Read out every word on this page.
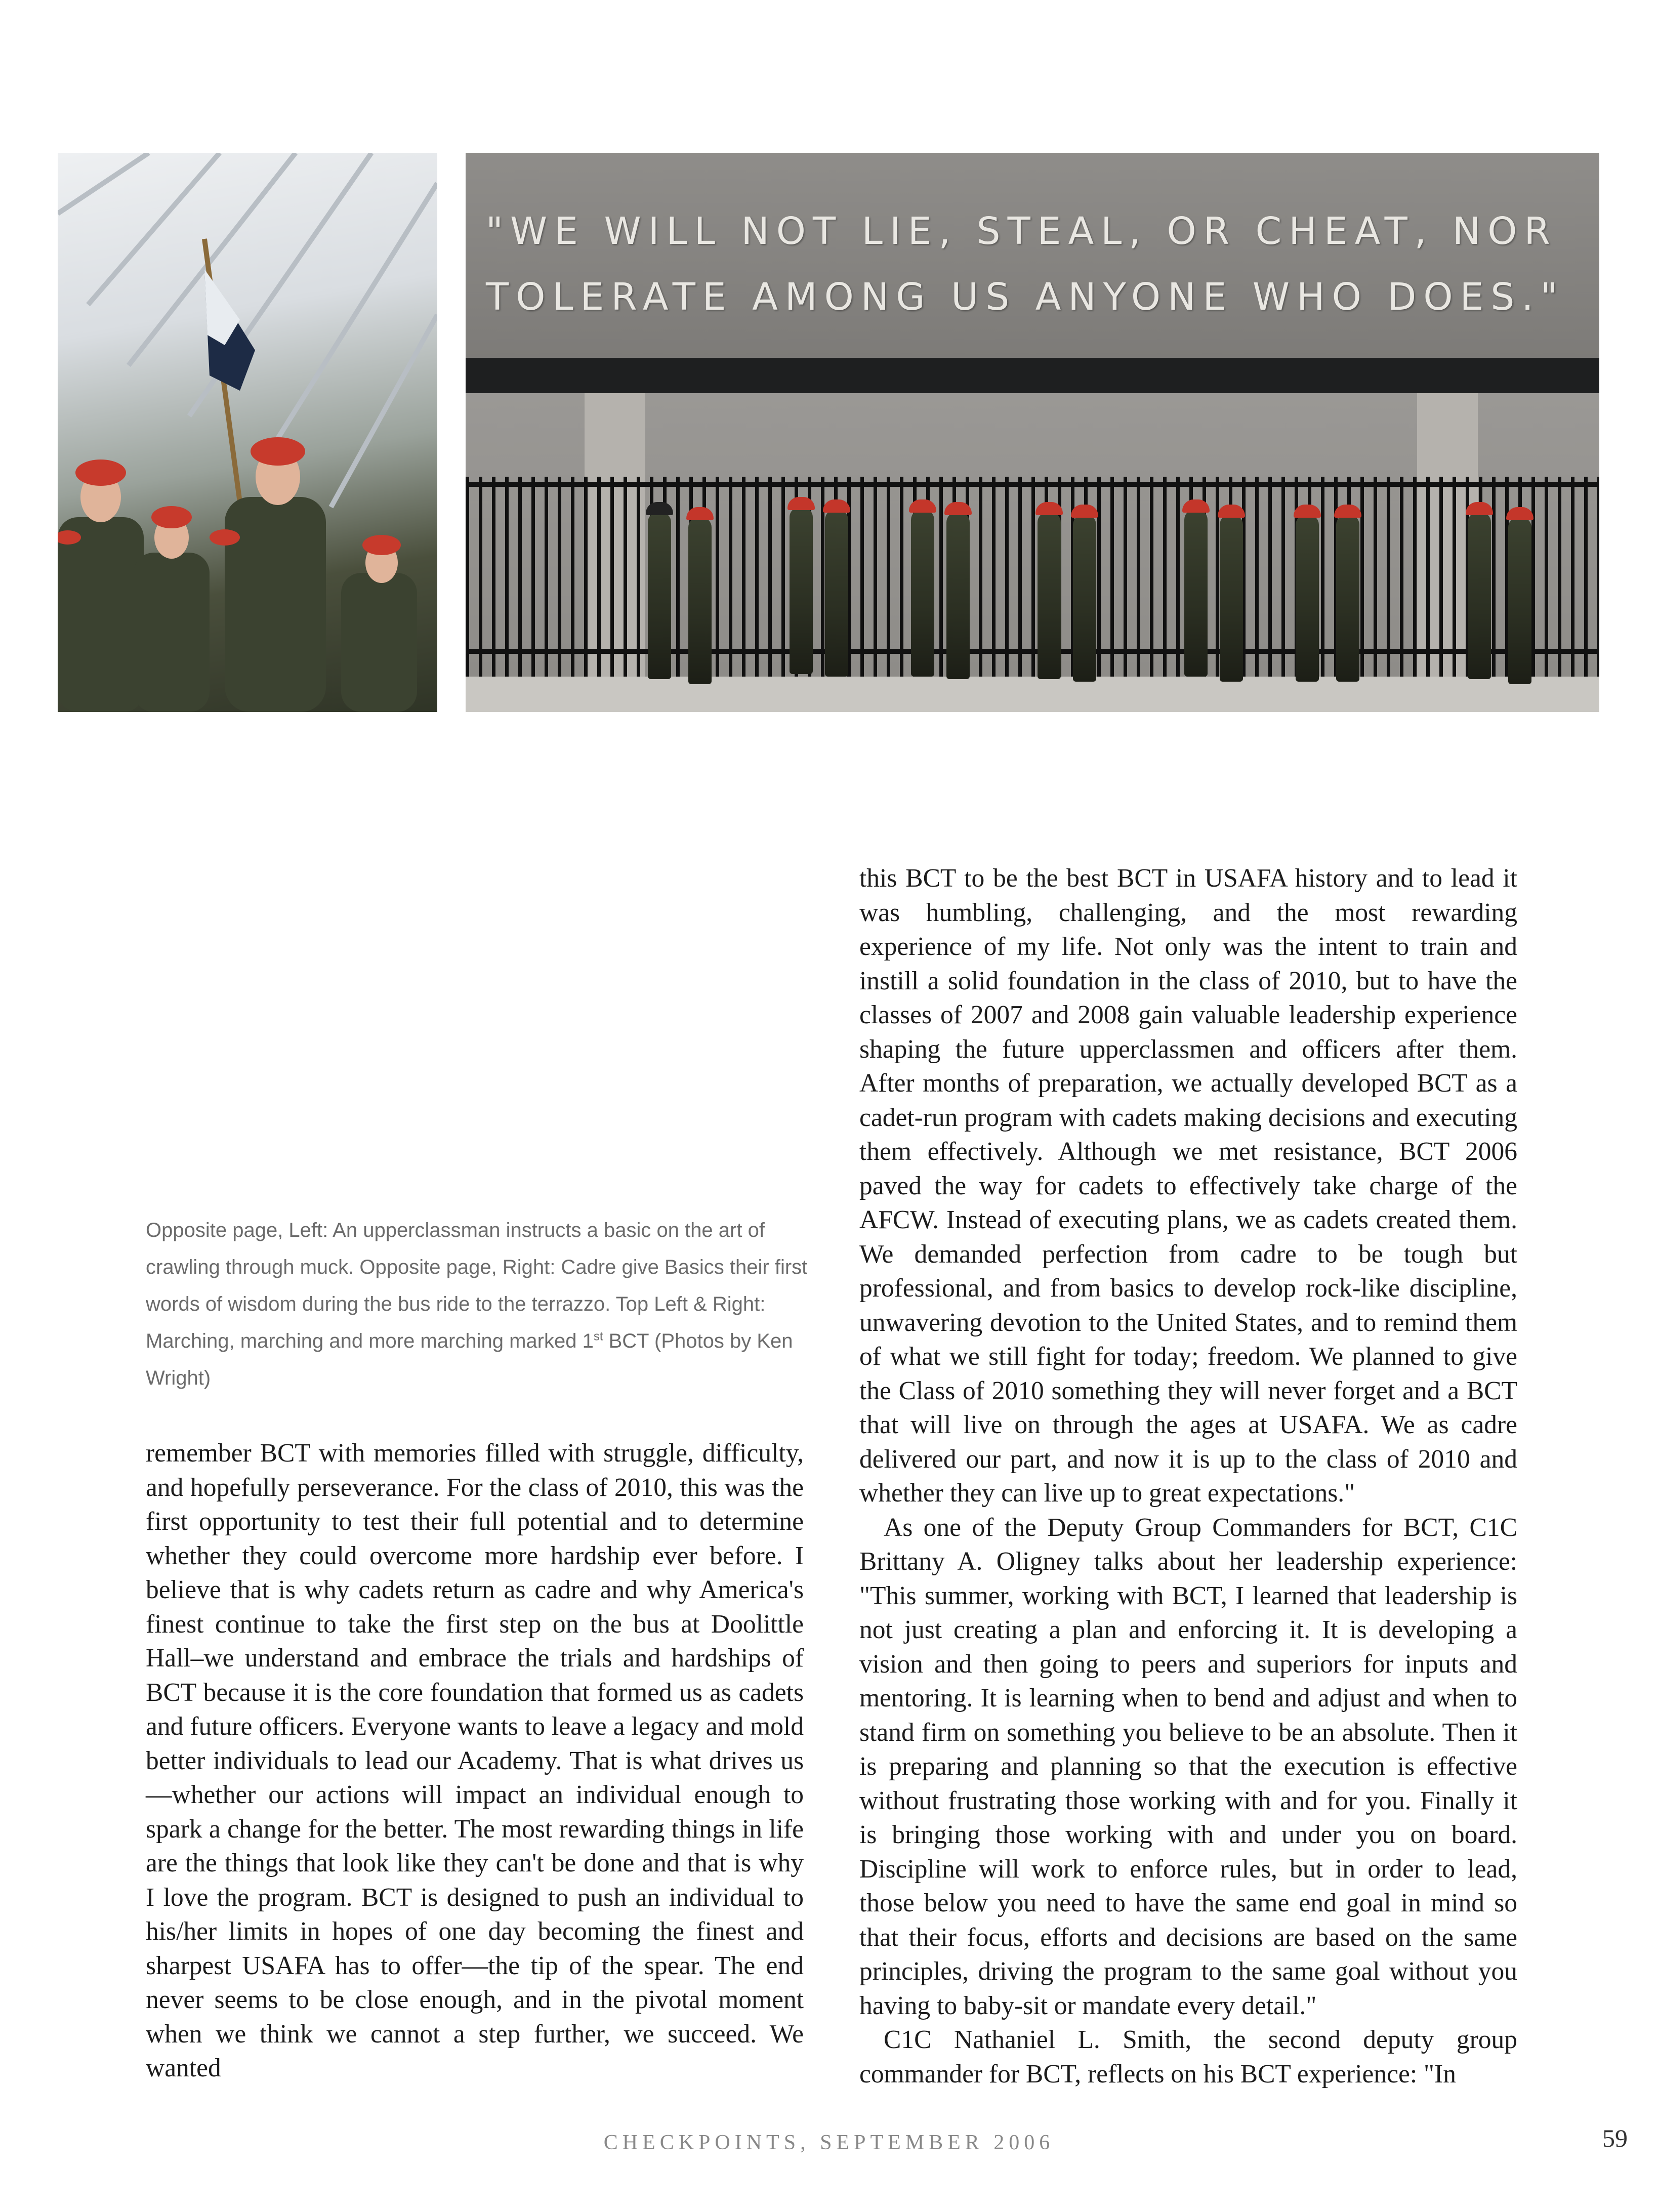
"WE WILL NOT LIE, STEAL, OR CHEAT, NOR TOLERATE AMONG US ANYONE WHO DOES."
Opposite page, Left: An upperclassman instructs a basic on the art of crawling through muck. Opposite page, Right: Cadre give Basics their first words of wisdom during the bus ride to the terrazzo. Top Left & Right: Marching, marching and more marching marked 1st BCT (Photos by Ken Wright)

remember BCT with memories filled with struggle, difficulty, and hopefully perseverance. For the class of 2010, this was the first opportunity to test their full potential and to determine whether they could overcome more hardship ever before. I believe that is why cadets return as cadre and why America's finest continue to take the first step on the bus at Doolittle Hall–we understand and embrace the trials and hardships of BCT because it is the core foundation that formed us as cadets and future officers. Everyone wants to leave a legacy and mold better individuals to lead our Academy. That is what drives us—whether our actions will impact an individual enough to spark a change for the better. The most rewarding things in life are the things that look like they can't be done and that is why I love the program. BCT is designed to push an individual to his/her limits in hopes of one day becoming the finest and sharpest USAFA has to offer—the tip of the spear. The end never seems to be close enough, and in the pivotal moment when we think we cannot a step further, we succeed. We wanted

this BCT to be the best BCT in USAFA history and to lead it was humbling, challenging, and the most rewarding experience of my life. Not only was the intent to train and instill a solid foundation in the class of 2010, but to have the classes of 2007 and 2008 gain valuable leadership experience shaping the future upperclassmen and officers after them. After months of preparation, we actually developed BCT as a cadet-run program with cadets making decisions and executing them effectively. Although we met resistance, BCT 2006 paved the way for cadets to effectively take charge of the AFCW. Instead of executing plans, we as cadets created them. We demanded perfection from cadre to be tough but professional, and from basics to develop rock-like discipline, unwavering devotion to the United States, and to remind them of what we still fight for today; freedom. We planned to give the Class of 2010 something they will never forget and a BCT that will live on through the ages at USAFA. We as cadre delivered our part, and now it is up to the class of 2010 and whether they can live up to great expectations."

As one of the Deputy Group Commanders for BCT, C1C Brittany A. Oligney talks about her leadership experience: "This summer, working with BCT, I learned that leadership is not just creating a plan and enforcing it. It is developing a vision and then going to peers and superiors for inputs and mentoring. It is learning when to bend and adjust and when to stand firm on something you believe to be an absolute. Then it is preparing and planning so that the execution is effective without frustrating those working with and for you. Finally it is bringing those working with and under you on board. Discipline will work to enforce rules, but in order to lead, those below you need to have the same end goal in mind so that their focus, efforts and decisions are based on the same principles, driving the program to the same goal without you having to baby-sit or mandate every detail."

C1C Nathaniel L. Smith, the second deputy group commander for BCT, reflects on his BCT experience: "In

CHECKPOINTS, SEPTEMBER 2006	59
